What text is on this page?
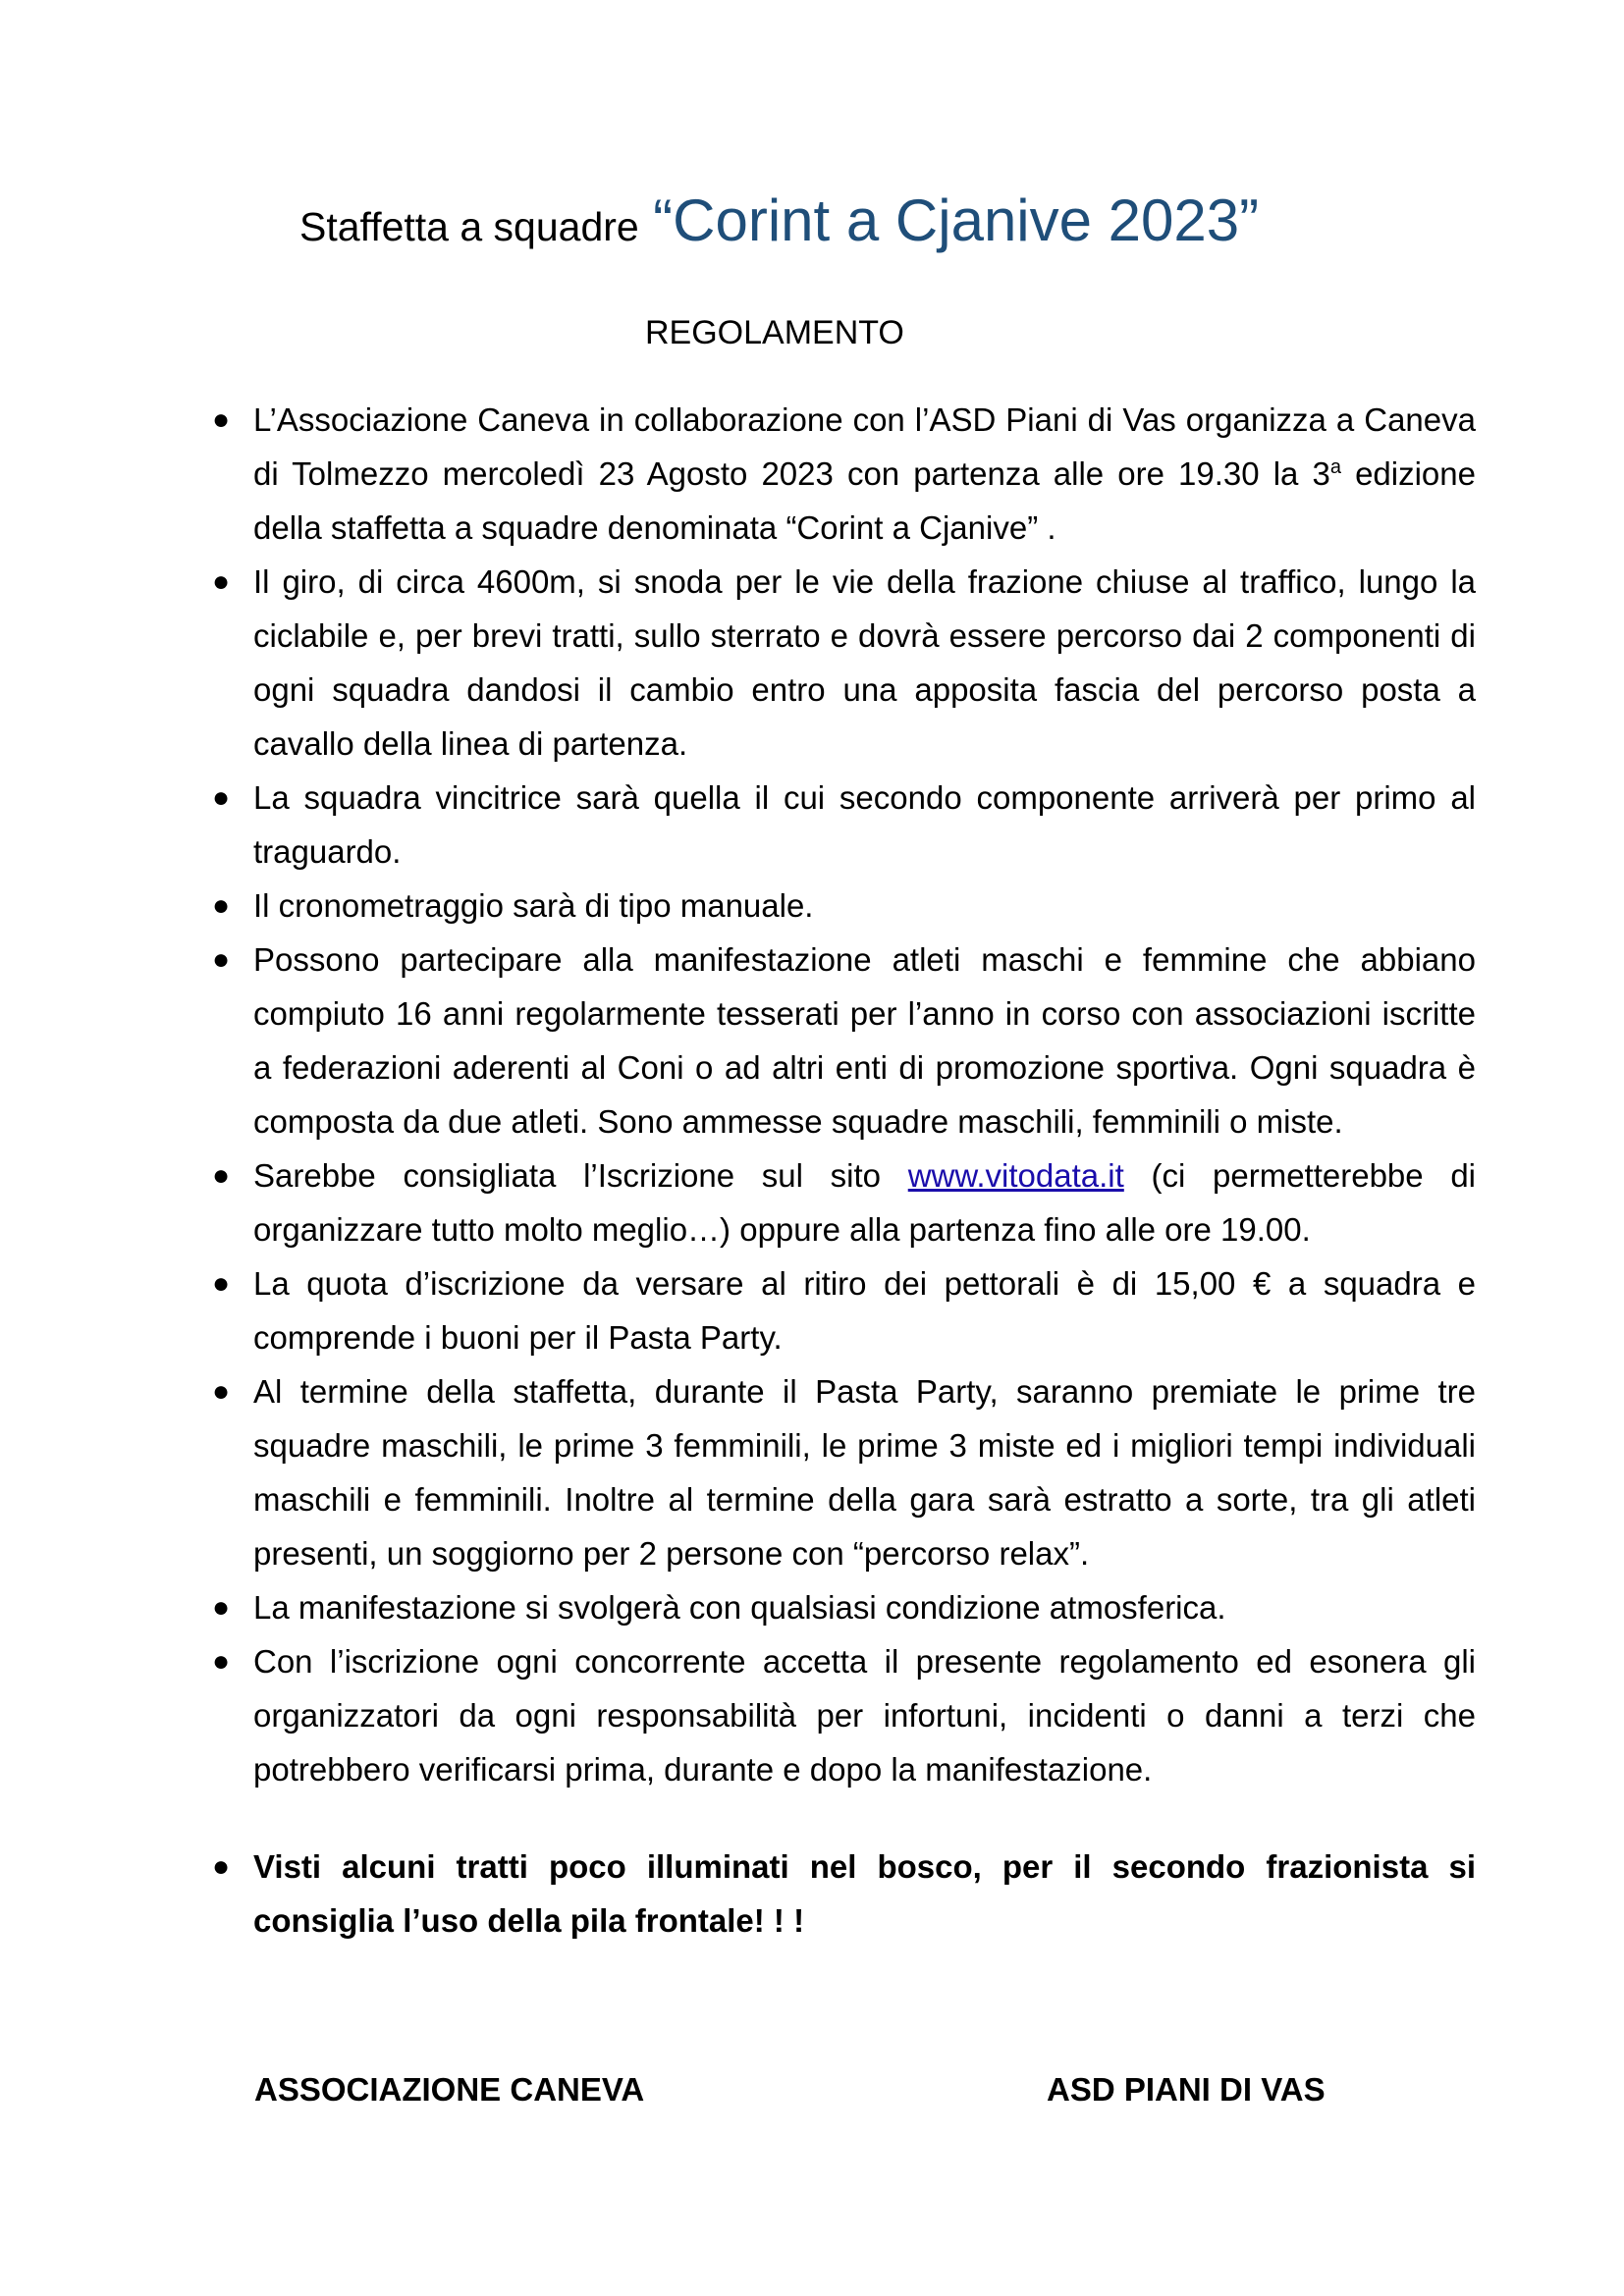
Staffetta a squadre “Corint a Cjanive 2023”
REGOLAMENTO
● L’Associazione Caneva in collaborazione con l’ASD Piani di Vas organizza a Caneva di Tolmezzo mercoledì 23 Agosto 2023 con partenza alle ore 19.30 la 3$^a$ edizione della staffetta a squadre denominata “Corint a Cjanive” .
● Il giro, di circa 4600m, si snoda per le vie della frazione chiuse al traffico, lungo la ciclabile e, per brevi tratti, sullo sterrato e dovrà essere percorso dai 2 componenti di ogni squadra dandosi il cambio entro una apposita fascia del percorso posta a cavallo della linea di partenza.
● La squadra vincitrice sarà quella il cui secondo componente arriverà per primo al traguardo.
● Il cronometraggio sarà di tipo manuale.
● Possono partecipare alla manifestazione atleti maschi e femmine che abbiano compiuto 16 anni regolarmente tesserati per l’anno in corso con associazioni iscritte a federazioni aderenti al Coni o ad altri enti di promozione sportiva. Ogni squadra è composta da due atleti. Sono ammesse squadre maschili, femminili o miste.
● Sarebbe consigliata l’Iscrizione sul sito www.vitodata.it (ci permetterebbe di organizzare tutto molto meglio…) oppure alla partenza fino alle ore 19.00.
● La quota d’iscrizione da versare al ritiro dei pettorali è di 15,00 € a squadra e comprende i buoni per il Pasta Party.
● Al termine della staffetta, durante il Pasta Party, saranno premiate le prime tre squadre maschili, le prime 3 femminili, le prime 3 miste ed i migliori tempi individuali maschili e femminili. Inoltre al termine della gara sarà estratto a sorte, tra gli atleti presenti, un soggiorno per 2 persone con “percorso relax”.
● La manifestazione si svolgerà con qualsiasi condizione atmosferica.
● Con l’iscrizione ogni concorrente accetta il presente regolamento ed esonera gli organizzatori da ogni responsabilità per infortuni, incidenti o danni a terzi che potrebbero verificarsi prima, durante e dopo la manifestazione.
● Visti alcuni tratti poco illuminati nel bosco, per il secondo frazionista si consiglia l’uso della pila frontale! ! !
ASSOCIAZIONE CANEVA	ASD PIANI DI VAS
